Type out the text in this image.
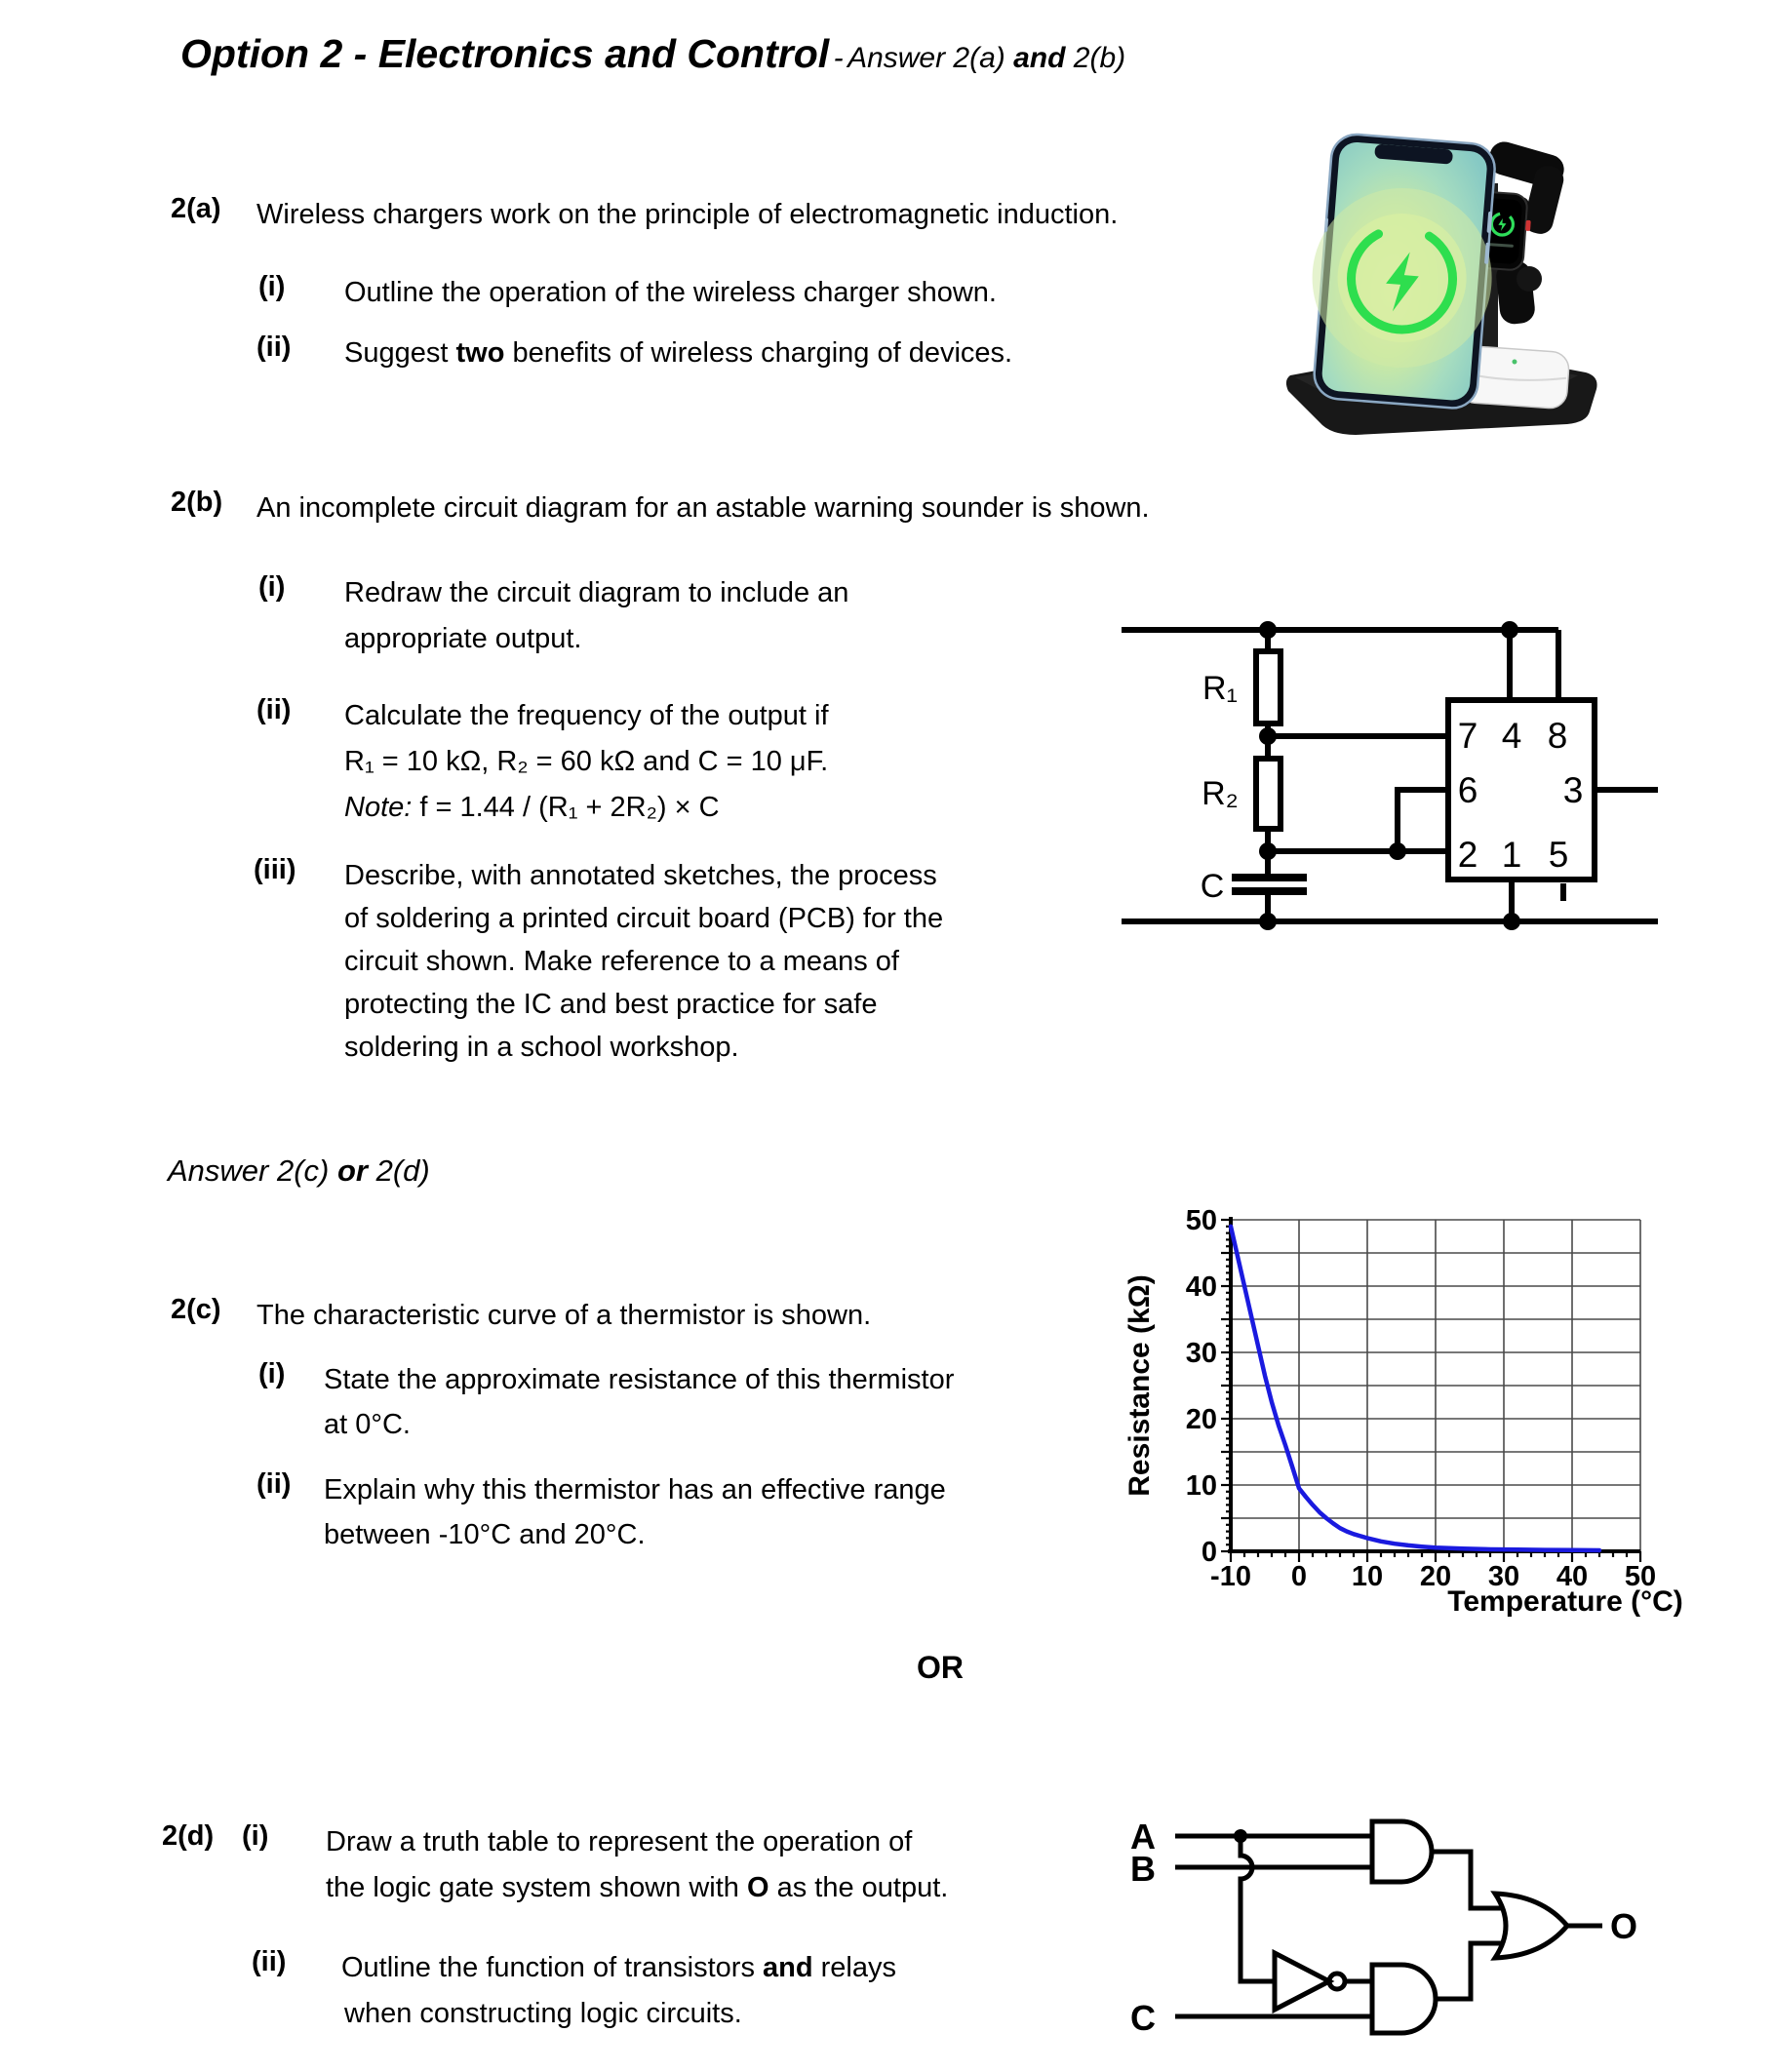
Option 2 - Electronics and Control - Answer 2(a) and 2(b)
2(a) Wireless chargers work on the principle of electromagnetic induction.
(i) Outline the operation of the wireless charger shown.
(ii) Suggest two benefits of wireless charging of devices.
2(b) An incomplete circuit diagram for an astable warning sounder is shown.
(i) Redraw the circuit diagram to include an
appropriate output.
(ii) Calculate the frequency of the output if
R₁ = 10 kΩ, R₂ = 60 kΩ and C = 10 μF.
Note: f = 1.44 / (R₁ + 2R₂) × C
(iii) Describe, with annotated sketches, the process
of soldering a printed circuit board (PCB) for the
circuit shown. Make reference to a means of
protecting the IC and best practice for safe
soldering in a school workshop.
R₁
R₂
C
7 4 8
6 3
2 1 5
Answer 2(c) or 2(d)
2(c) The characteristic curve of a thermistor is shown.
(i) State the approximate resistance of this thermistor
at 0°C.
(ii) Explain why this thermistor has an effective range
between -10°C and 20°C.
-10 0 10 20 30 40 50
0
10
20
30
40
50
Resistance (kΩ)
Temperature (°C)
OR
2(d) (i) Draw a truth table to represent the operation of
the logic gate system shown with O as the output.
(ii) Outline the function of transistors and relays
when constructing logic circuits.
A
B
C
O
